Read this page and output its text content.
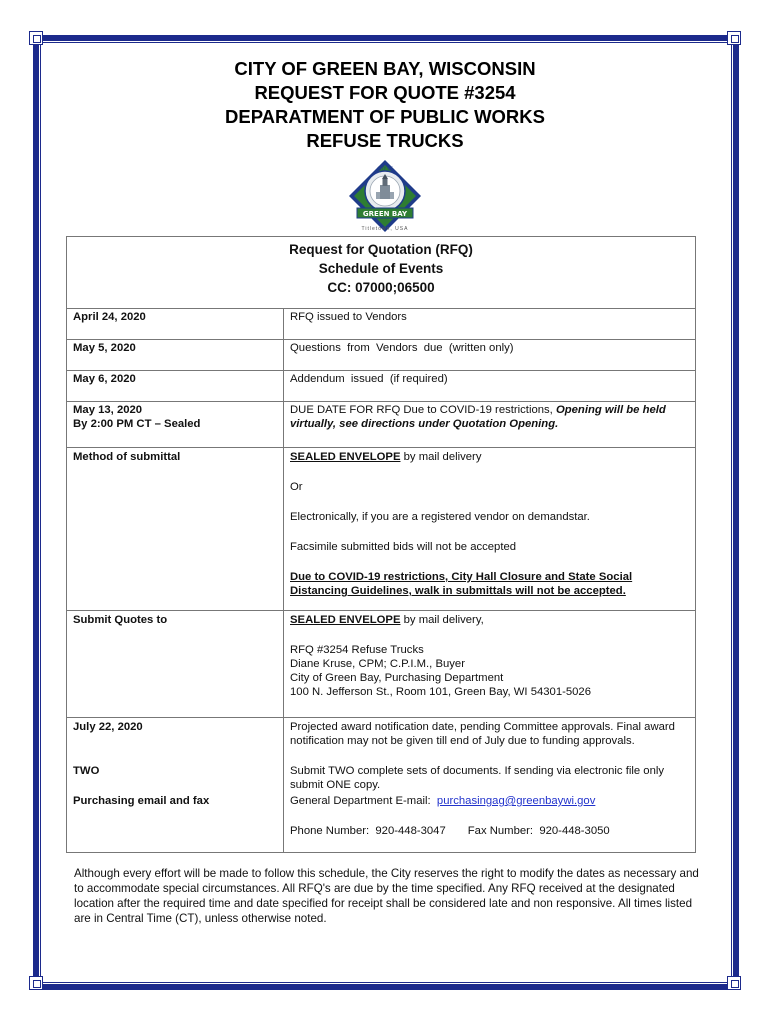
CITY OF GREEN BAY, WISCONSIN
REQUEST FOR QUOTE #3254
DEPARATMENT OF PUBLIC WORKS
REFUSE TRUCKS
GREEN BAY
CITY OF
Titletown, USA
Request for Quotation (RFQ)
Schedule of Events
CC: 07000;06500	

April 24, 2020	RFQ issued to Vendors

May 5, 2020	Questions  from  Vendors  due  (written only)

May 6, 2020	Addendum  issued  (if required)

May 13, 2020
By 2:00 PM CT – Sealed	DUE DATE FOR RFQ Due to COVID-19 restrictions, Opening will be held virtually, see directions under Quotation Opening.

Method of submittal	SEALED ENVELOPE by mail delivery

Or

Electronically, if you are a registered vendor on demandstar.

Facsimile submitted bids will not be accepted

Due to COVID-19 restrictions, City Hall Closure and State Social Distancing Guidelines, walk in submittals will not be accepted.

Submit Quotes to	SEALED ENVELOPE by mail delivery,

RFQ #3254 Refuse Trucks

Diane Kruse, CPM; C.P.I.M., Buyer

City of Green Bay, Purchasing Department

100 N. Jefferson St., Room 101, Green Bay, WI 54301-5026

July 22, 2020	Projected award notification date, pending Committee approvals. Final award notification may not be given till end of July due to funding approvals.

TWO	Submit TWO complete sets of documents. If sending via electronic file only submit ONE copy.

Purchasing email and fax	General Department E-mail:  purchasingag@greenbaywi.gov

Phone Number:  920-448-3047 Fax Number:  920-448-3050

Although every effort will be made to follow this schedule, the City reserves the right to modify the dates as necessary and to accommodate special circumstances. All RFQ's are due by the time specified. Any RFQ received at the designated location after the required time and date specified for receipt shall be considered late and non responsive. All times listed are in Central Time (CT), unless otherwise noted.
